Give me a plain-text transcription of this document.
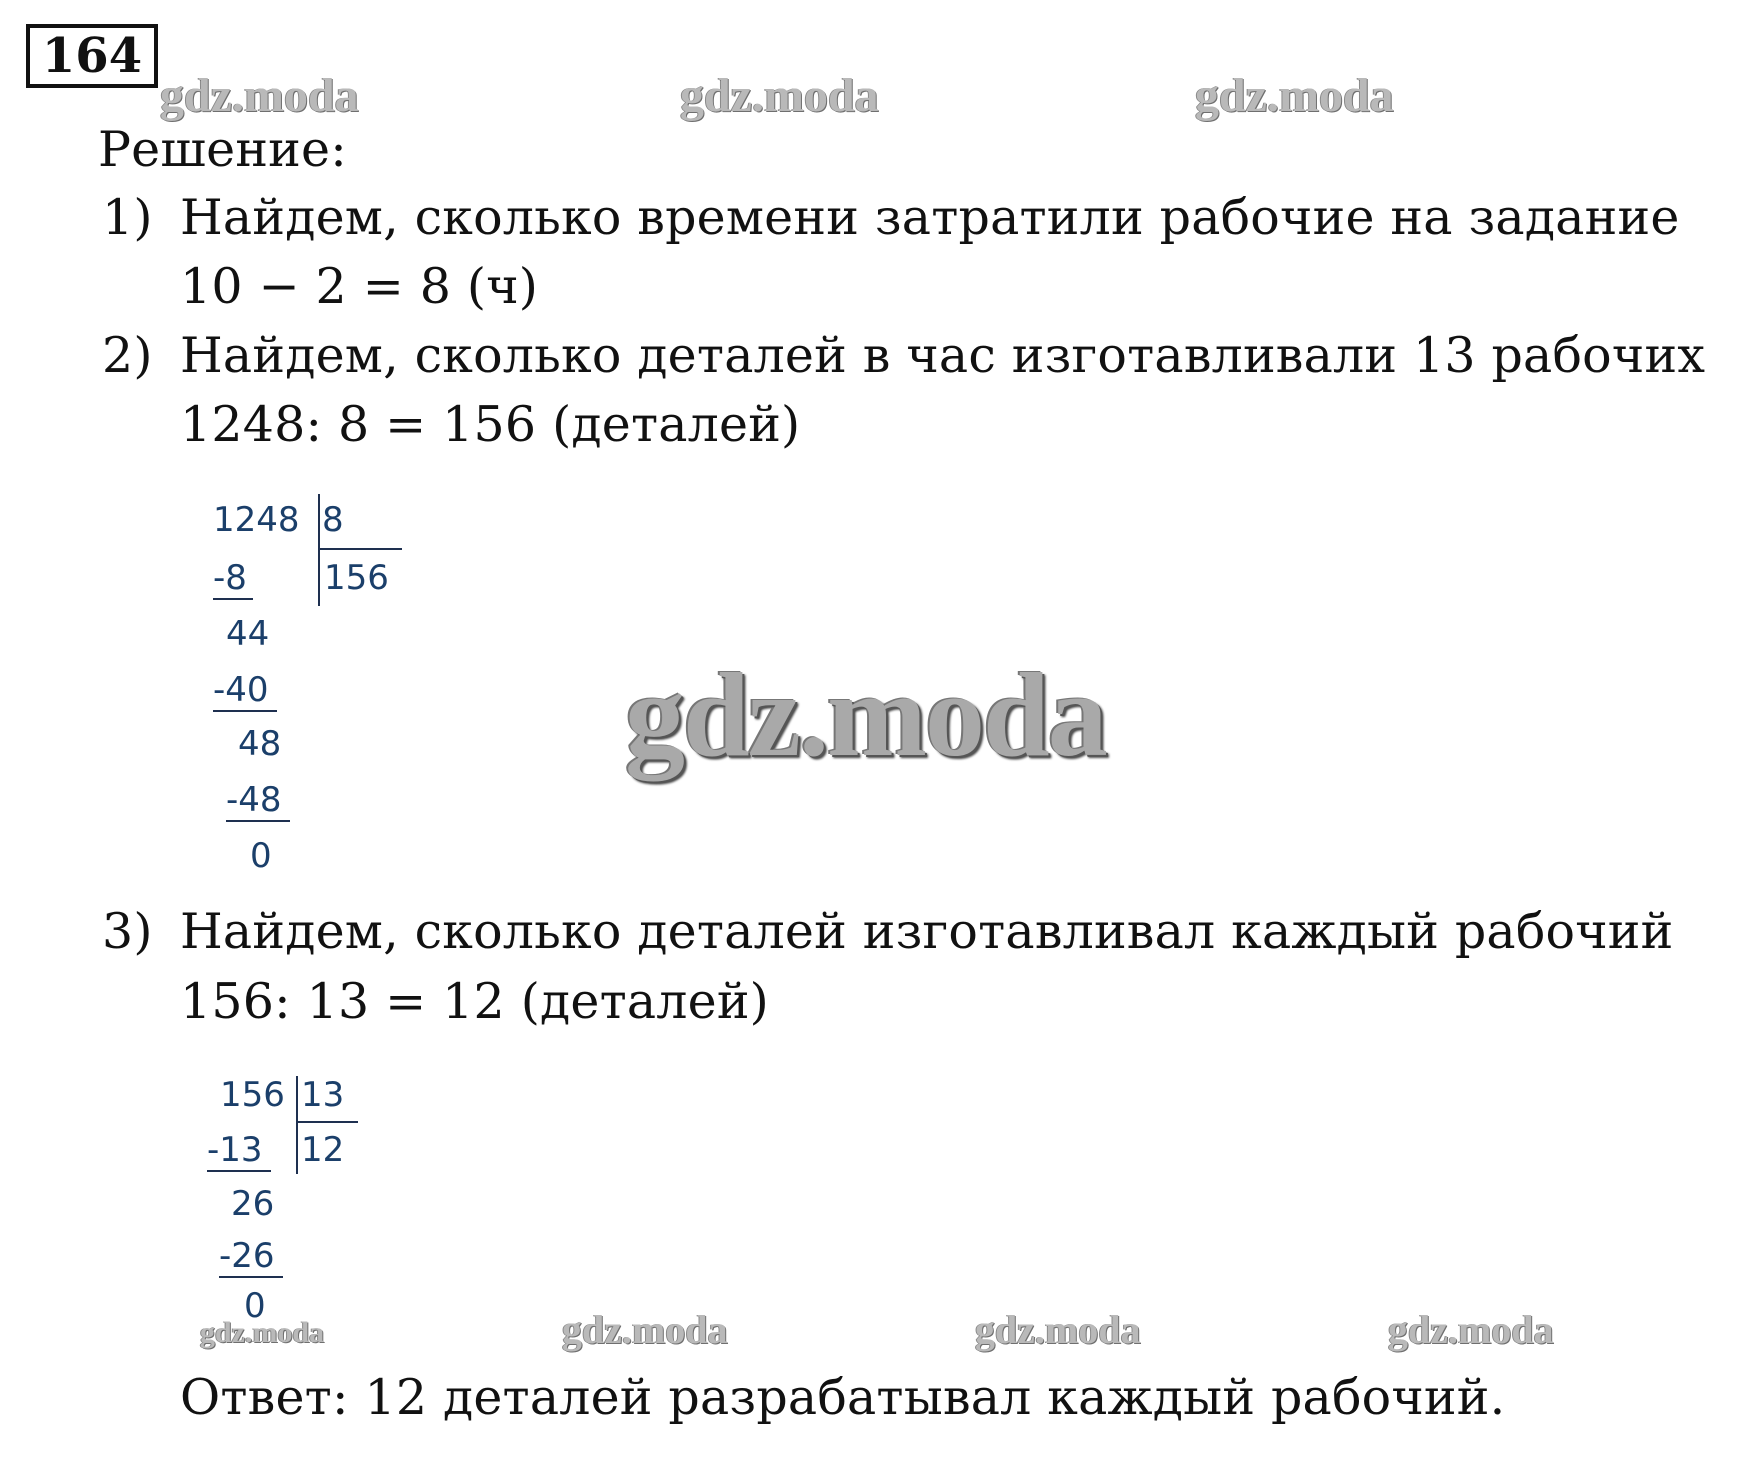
164
gdz.moda	gdz.moda	gdz.moda
Решение:
1) Найдем, сколько времени затратили рабочие на задание
10 − 2 = 8 (ч)
2) Найдем, сколько деталей в час изготавливали 13 рабочих
1248: 8 = 156 (деталей)
1248 8
156
-8
44
-40
48
-48
0
gdz.moda
3) Найдем, сколько деталей изготавливал каждый рабочий
156: 13 = 12 (деталей)
156 13
12
-13
26
-26
0
gdz.moda	gdz.moda	gdz.moda	gdz.moda
Ответ: 12 деталей разрабатывал каждый рабочий.
